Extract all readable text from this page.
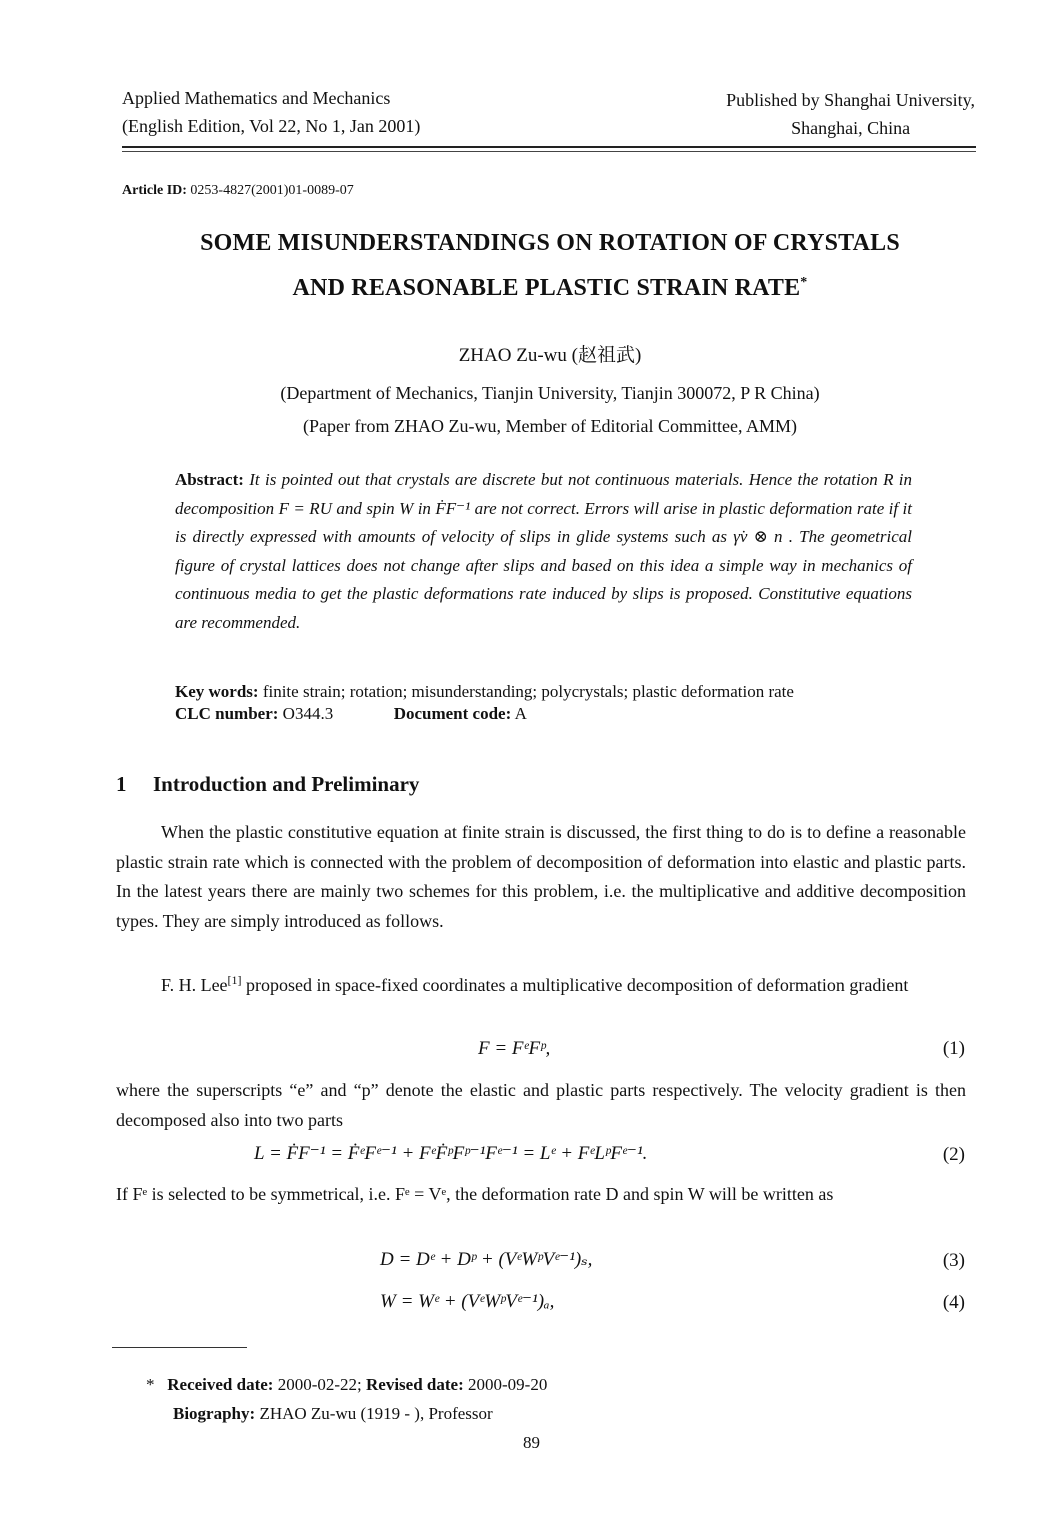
Applied Mathematics and Mechanics
(English Edition, Vol 22, No 1, Jan 2001)
Published by Shanghai University,
Shanghai, China
Article ID: 0253-4827(2001)01-0089-07
SOME MISUNDERSTANDINGS ON ROTATION OF CRYSTALS
AND REASONABLE PLASTIC STRAIN RATE*
ZHAO Zu-wu (赵祖武)
(Department of Mechanics, Tianjin University, Tianjin 300072, P R China)
(Paper from ZHAO Zu-wu, Member of Editorial Committee, AMM)
Abstract: It is pointed out that crystals are discrete but not continuous materials. Hence the rotation R in decomposition F = RU and spin W in ḞF⁻¹ are not correct. Errors will arise in plastic deformation rate if it is directly expressed with amounts of velocity of slips in glide systems such as γ̇v ⊗ n . The geometrical figure of crystal lattices does not change after slips and based on this idea a simple way in mechanics of continuous media to get the plastic deformations rate induced by slips is proposed. Constitutive equations are recommended.
Key words: finite strain; rotation; misunderstanding; polycrystals; plastic deformation rate
CLC number: O344.3	Document code: A
1 Introduction and Preliminary
When the plastic constitutive equation at finite strain is discussed, the first thing to do is to define a reasonable plastic strain rate which is connected with the problem of decomposition of deformation into elastic and plastic parts. In the latest years there are mainly two schemes for this problem, i.e. the multiplicative and additive decomposition types. They are simply introduced as follows.
F. H. Lee[1] proposed in space-fixed coordinates a multiplicative decomposition of deformation gradient
F = FᵉFᵖ,	(1)
where the superscripts “e” and “p” denote the elastic and plastic parts respectively. The velocity gradient is then decomposed also into two parts
L = ḞF⁻¹ = ḞᵉFᵉ⁻¹ + FᵉḞᵖFᵖ⁻¹Fᵉ⁻¹ = Lᵉ + FᵉLᵖFᵉ⁻¹.	(2)
If Fᵉ is selected to be symmetrical, i.e. Fᵉ = Vᵉ, the deformation rate D and spin W will be written as
D = Dᵉ + Dᵖ + (VᵉWᵖVᵉ⁻¹)ₛ,	(3)
W = Wᵉ + (VᵉWᵖVᵉ⁻¹)ₐ,	(4)
* Received date: 2000-02-22; Revised date: 2000-09-20
Biography: ZHAO Zu-wu (1919 - ), Professor
89
